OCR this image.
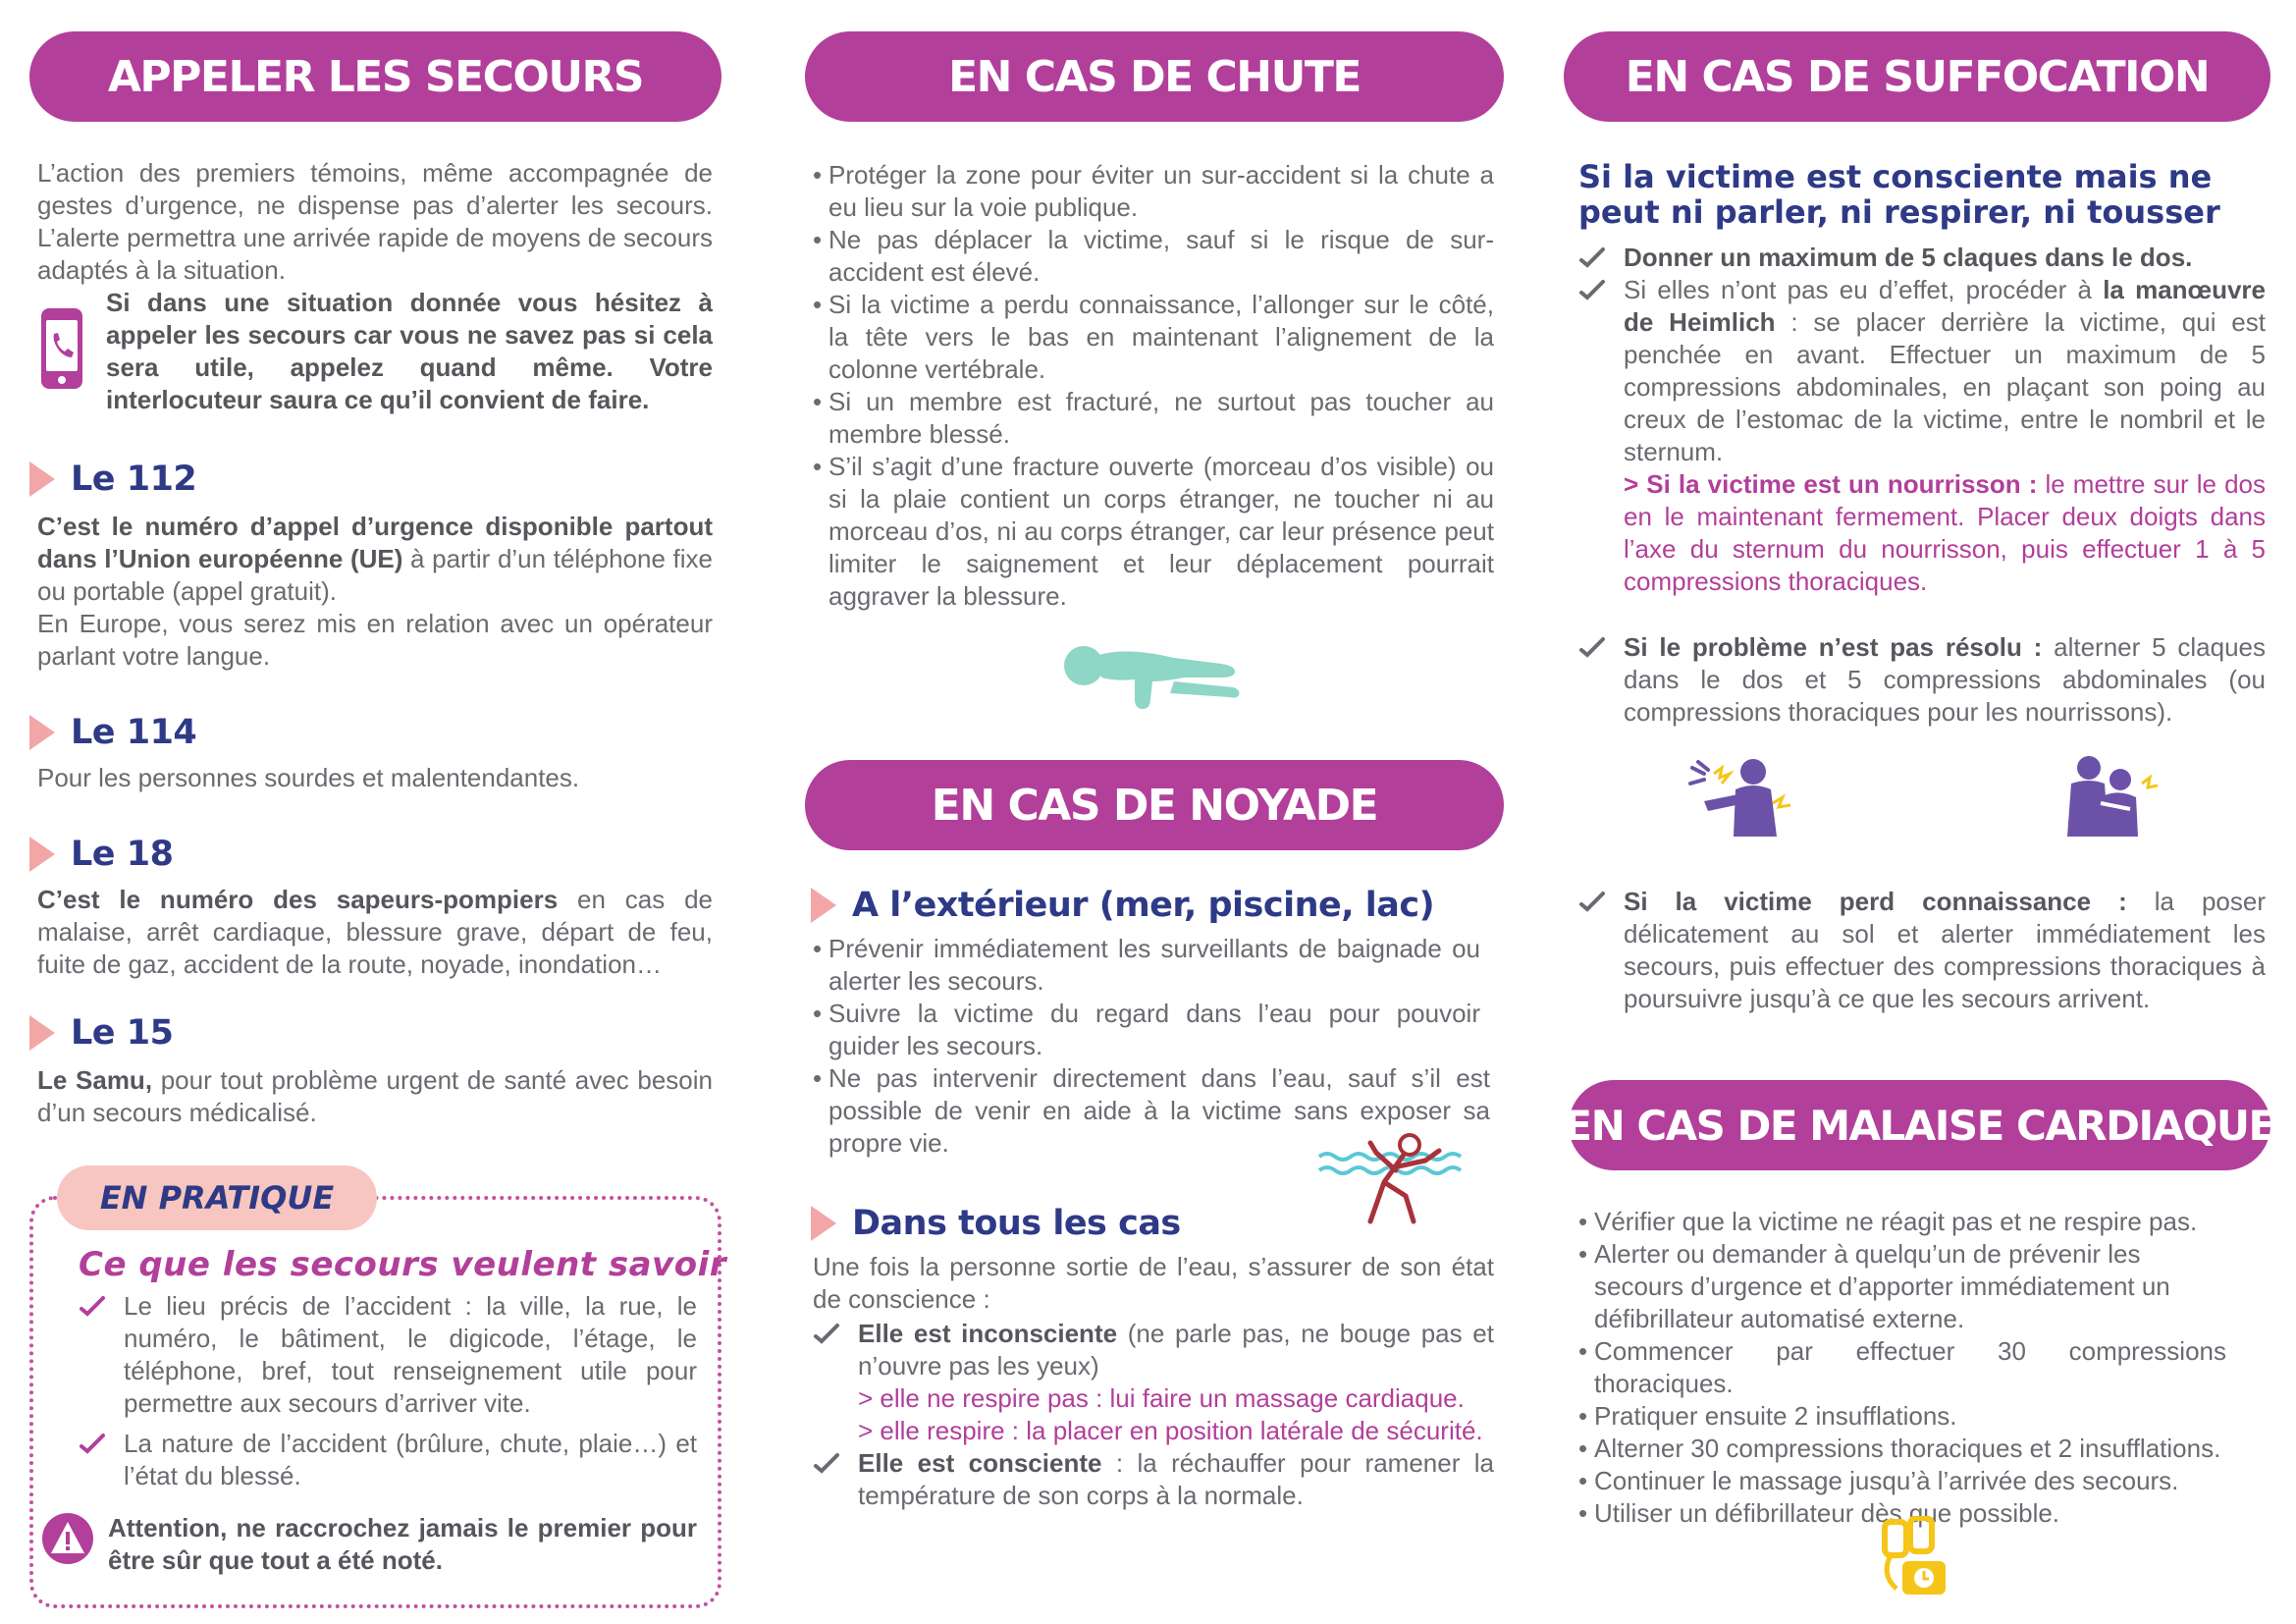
APPELER LES SECOURS
L’action des premiers témoins, même accompagnée de gestes d’urgence, ne dispense pas d’alerter les secours. L’alerte permettra une arrivée rapide de moyens de secours adaptés à la situation.
Si dans une situation donnée vous hésitez à appeler les secours car vous ne savez pas si cela sera utile, appelez quand même. Votre interlocuteur saura ce qu’il convient de faire.
Le 112
C’est le numéro d’appel d’urgence disponible partout dans l’Union européenne (UE) à partir d’un téléphone fixe ou portable (appel gratuit).
En Europe, vous serez mis en relation avec un opérateur parlant votre langue.
Le 114
Pour les personnes sourdes et malentendantes.
Le 18
C’est le numéro des sapeurs-pompiers en cas de malaise, arrêt cardiaque, blessure grave, départ de feu, fuite de gaz, accident de la route, noyade, inondation…
Le 15
Le Samu, pour tout problème urgent de santé avec besoin d’un secours médicalisé.
EN PRATIQUE
Ce que les secours veulent savoir
Le lieu précis de l’accident : la ville, la rue, le numéro, le bâtiment, le digicode, l’étage, le téléphone, bref, tout renseignement utile pour permettre aux secours d’arriver vite.
La nature de l’accident (brûlure, chute, plaie…) et l’état du blessé.
Attention, ne raccrochez jamais le premier pour être sûr que tout a été noté.
EN CAS DE CHUTE
• Protéger la zone pour éviter un sur-accident si la chute a eu lieu sur la voie publique.
• Ne pas déplacer la victime, sauf si le risque de sur-accident est élevé.
• Si la victime a perdu connaissance, l’allonger sur le côté, la tête vers le bas en maintenant l’alignement de la colonne vertébrale.
• Si un membre est fracturé, ne surtout pas toucher au membre blessé.
• S’il s’agit d’une fracture ouverte (morceau d’os visible) ou si la plaie contient un corps étranger, ne toucher ni au morceau d’os, ni au corps étranger, car leur présence peut limiter le saignement et leur déplacement pourrait aggraver la blessure.
EN CAS DE NOYADE
A l’extérieur (mer, piscine, lac)
• Prévenir immédiatement les surveillants de baignade ou alerter les secours.
• Suivre la victime du regard dans l’eau pour pouvoir guider les secours.
• Ne pas intervenir directement dans l’eau, sauf s’il est possible de venir en aide à la victime sans exposer sa propre vie.
Dans tous les cas
Une fois la personne sortie de l’eau, s’assurer de son état de conscience :
Elle est inconsciente (ne parle pas, ne bouge pas et n’ouvre pas les yeux)
> elle ne respire pas : lui faire un massage cardiaque.
> elle respire : la placer en position latérale de sécurité.
Elle est consciente : la réchauffer pour ramener la température de son corps à la normale.
EN CAS DE SUFFOCATION
Si la victime est consciente mais ne peut ni parler, ni respirer, ni tousser
Donner un maximum de 5 claques dans le dos.
Si elles n’ont pas eu d’effet, procéder à la manœuvre de Heimlich : se placer derrière la victime, qui est penchée en avant. Effectuer un maximum de 5 compressions abdominales, en plaçant son poing au creux de l’estomac de la victime, entre le nombril et le sternum.
> Si la victime est un nourrisson : le mettre sur le dos en le maintenant fermement. Placer deux doigts dans l’axe du sternum du nourrisson, puis effectuer 1 à 5 compressions thoraciques.
Si le problème n’est pas résolu : alterner 5 claques dans le dos et 5 compressions abdominales (ou compressions thoraciques pour les nourrissons).
Si la victime perd connaissance : la poser délicatement au sol et alerter immédiatement les secours, puis effectuer des compressions thoraciques à poursuivre jusqu’à ce que les secours arrivent.
EN CAS DE MALAISE CARDIAQUE
• Vérifier que la victime ne réagit pas et ne respire pas.
• Alerter ou demander à quelqu’un de prévenir les secours d’urgence et d’apporter immédiatement un défibrillateur automatisé externe.
• Commencer par effectuer 30 compressions thoraciques.
• Pratiquer ensuite 2 insufflations.
• Alterner 30 compressions thoraciques et 2 insufflations.
• Continuer le massage jusqu’à l’arrivée des secours.
• Utiliser un défibrillateur dès que possible.
